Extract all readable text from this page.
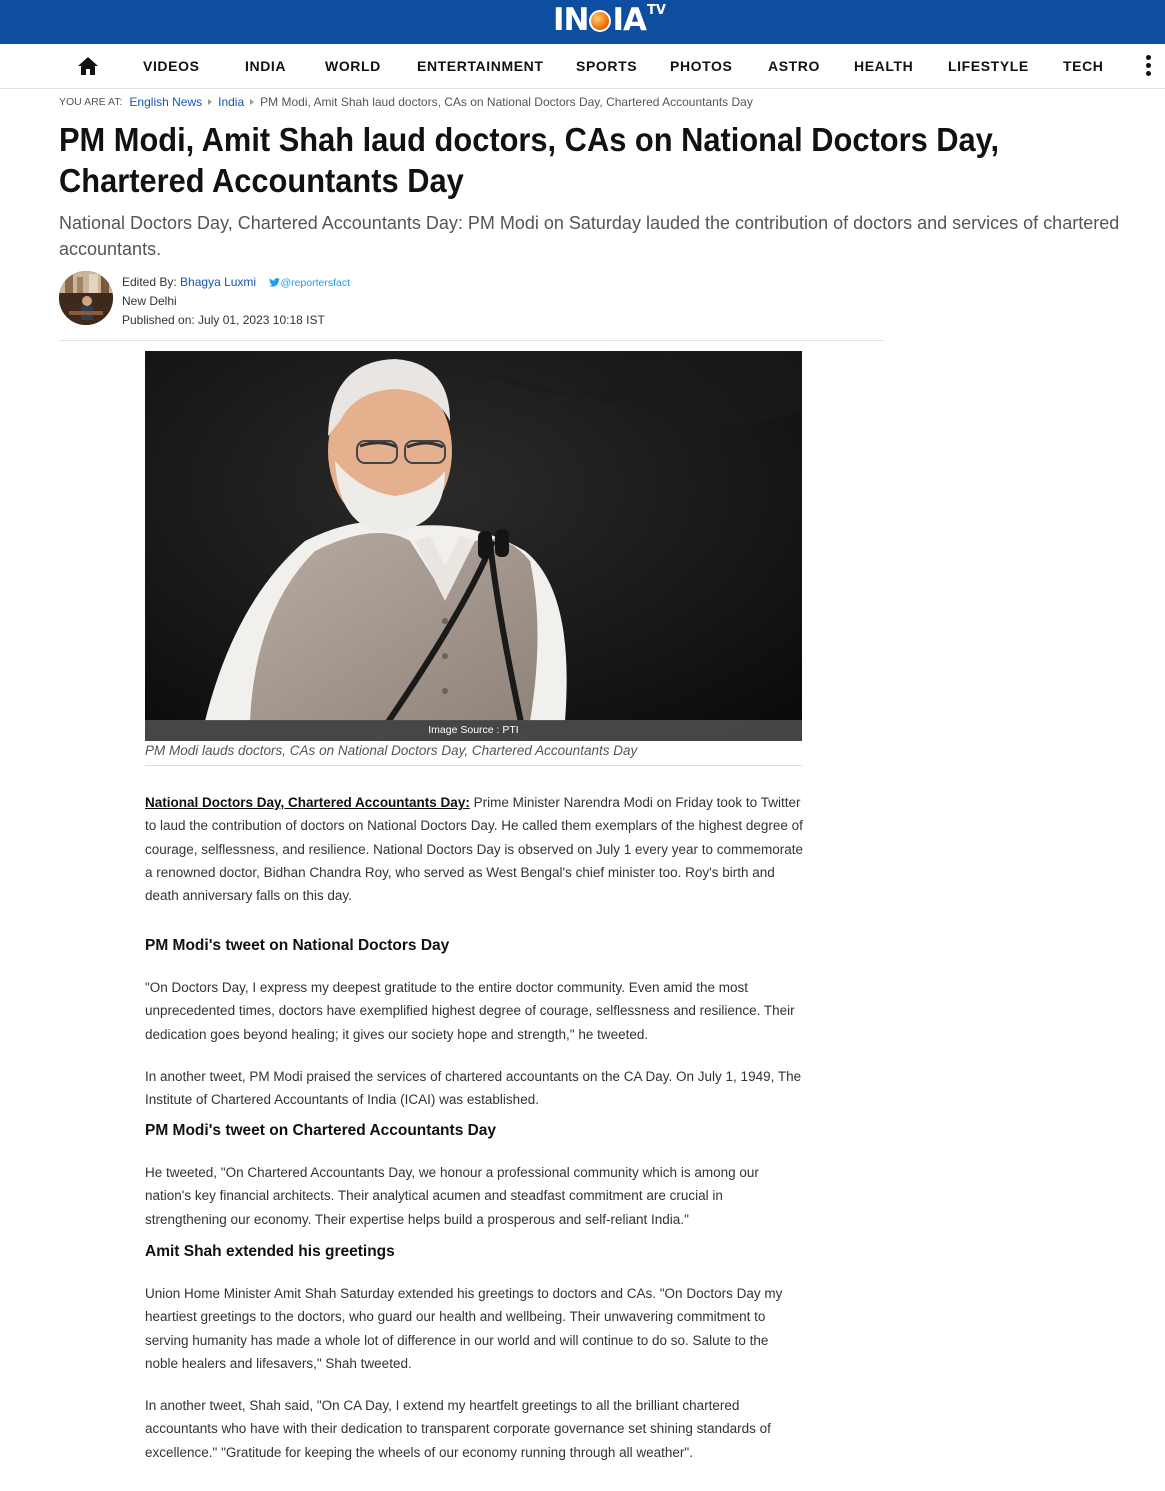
IN IA TV
VIDEOS	INDIA	WORLD	ENTERTAINMENT SPORTS PHOTOS	ASTRO HEALTH LIFESTYLE TECH
YOU ARE AT: English News India PM Modi, Amit Shah laud doctors, CAs on National Doctors Day, Chartered Accountants Day
PM Modi, Amit Shah laud doctors, CAs on National Doctors Day, Chartered Accountants Day
National Doctors Day, Chartered Accountants Day: PM Modi on Saturday lauded the contribution of doctors and services of chartered accountants.
Edited By: Bhagya Luxmi @reportersfact
New Delhi
Published on: July 01, 2023 10:18 IST
Image Source : PTI
PM Modi lauds doctors, CAs on National Doctors Day, Chartered Accountants Day
National Doctors Day, Chartered Accountants Day: Prime Minister Narendra Modi on Friday took to Twitter to laud the contribution of doctors on National Doctors Day. He called them exemplars of the highest degree of courage, selflessness, and resilience. National Doctors Day is observed on July 1 every year to commemorate a renowned doctor, Bidhan Chandra Roy, who served as West Bengal's chief minister too. Roy's birth and death anniversary falls on this day.
PM Modi's tweet on National Doctors Day
"On Doctors Day, I express my deepest gratitude to the entire doctor community. Even amid the most unprecedented times, doctors have exemplified highest degree of courage, selflessness and resilience. Their dedication goes beyond healing; it gives our society hope and strength," he tweeted.
In another tweet, PM Modi praised the services of chartered accountants on the CA Day. On July 1, 1949, The Institute of Chartered Accountants of India (ICAI) was established.
PM Modi's tweet on Chartered Accountants Day
He tweeted, "On Chartered Accountants Day, we honour a professional community which is among our nation's key financial architects. Their analytical acumen and steadfast commitment are crucial in strengthening our economy. Their expertise helps build a prosperous and self-reliant India."
Amit Shah extended his greetings
Union Home Minister Amit Shah Saturday extended his greetings to doctors and CAs. "On Doctors Day my heartiest greetings to the doctors, who guard our health and wellbeing. Their unwavering commitment to serving humanity has made a whole lot of difference in our world and will continue to do so. Salute to the noble healers and lifesavers," Shah tweeted.
In another tweet, Shah said, "On CA Day, I extend my heartfelt greetings to all the brilliant chartered accountants who have with their dedication to transparent corporate governance set shining standards of excellence." "Gratitude for keeping the wheels of our economy running through all weather".
